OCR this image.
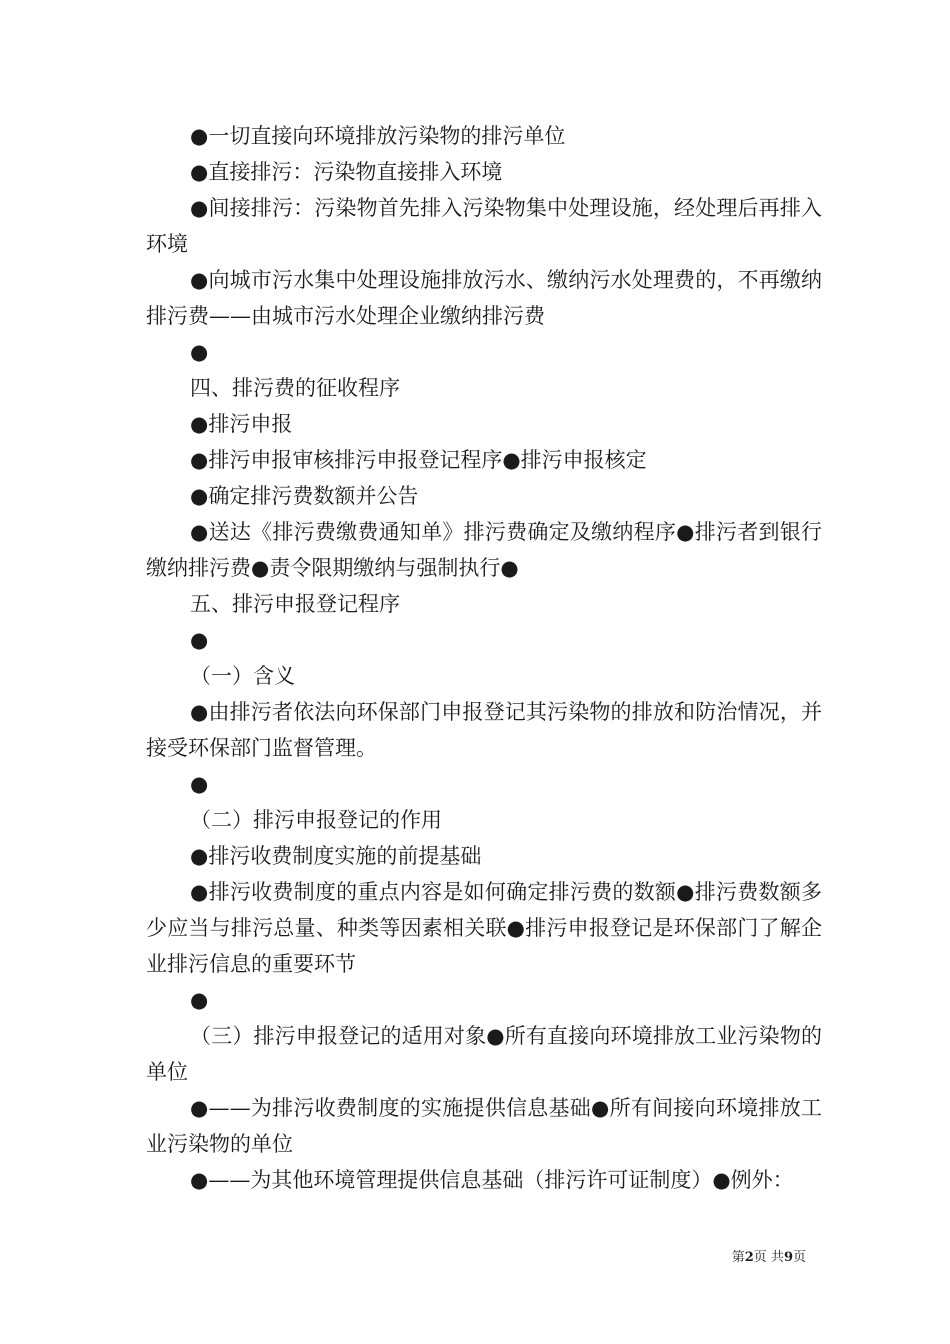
●一切直接向环境排放污染物的排污单位

●直接排污：污染物直接排入环境

●间接排污：污染物首先排入污染物集中处理设施，经处理后再排入环境

●向城市污水集中处理设施排放污水、缴纳污水处理费的，不再缴纳排污费——由城市污水处理企业缴纳排污费

●

四、排污费的征收程序

●排污申报

●排污申报审核排污申报登记程序●排污申报核定

●确定排污费数额并公告

●送达《排污费缴费通知单》排污费确定及缴纳程序●排污者到银行缴纳排污费●责令限期缴纳与强制执行●

五、排污申报登记程序

●

（一）含义

●由排污者依法向环保部门申报登记其污染物的排放和防治情况，并接受环保部门监督管理。

●

（二）排污申报登记的作用

●排污收费制度实施的前提基础

●排污收费制度的重点内容是如何确定排污费的数额●排污费数额多少应当与排污总量、种类等因素相关联●排污申报登记是环保部门了解企业排污信息的重要环节

●

（三）排污申报登记的适用对象●所有直接向环境排放工业污染物的单位

●——为排污收费制度的实施提供信息基础●所有间接向环境排放工业污染物的单位

●——为其他环境管理提供信息基础（排污许可证制度）●例外：

第2页 共9页
